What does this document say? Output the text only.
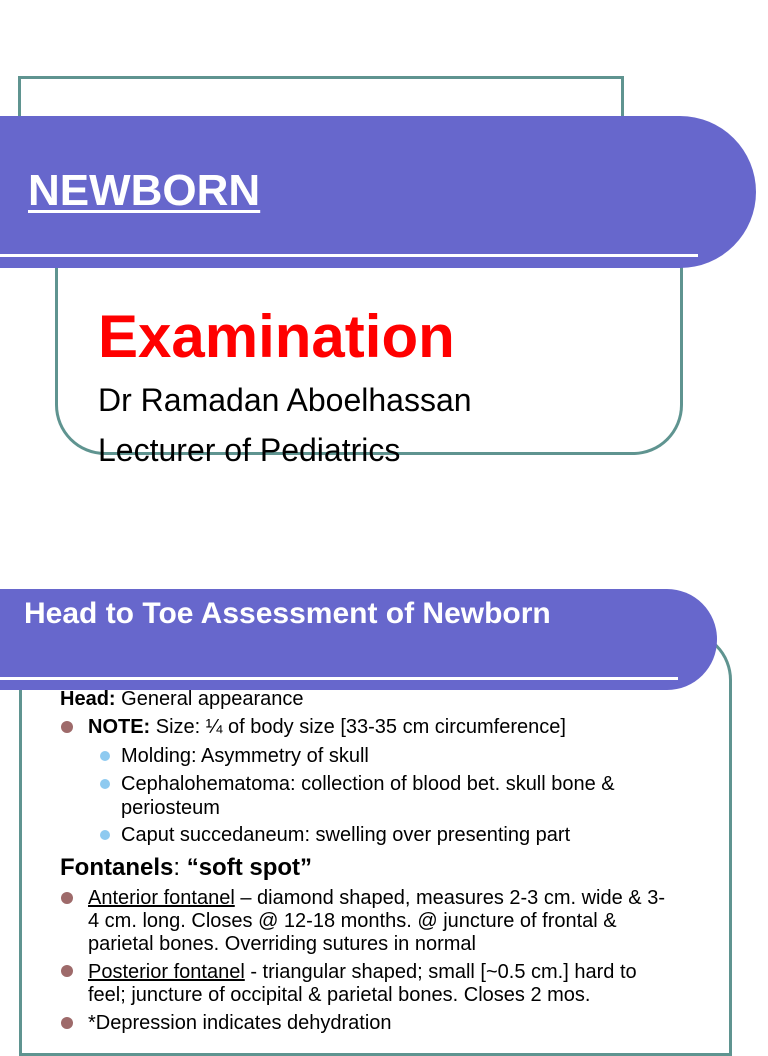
NEWBORN
Examination
Dr Ramadan Aboelhassan
Lecturer of Pediatrics
Head to Toe Assessment of Newborn
Head: General appearance
NOTE: Size: ¼ of body size [33-35 cm circumference]
Molding: Asymmetry of skull
Cephalohematoma: collection of blood bet. skull bone &
periosteum
Caput succedaneum: swelling over presenting part
Fontanels: “soft spot”
Anterior fontanel – diamond shaped, measures 2-3 cm. wide & 3-
4 cm. long. Closes @ 12-18 months. @ juncture of frontal &
parietal bones. Overriding sutures in normal
Posterior fontanel - triangular shaped; small [~0.5 cm.] hard to
feel; juncture of occipital & parietal bones. Closes 2 mos.
*Depression indicates dehydration
